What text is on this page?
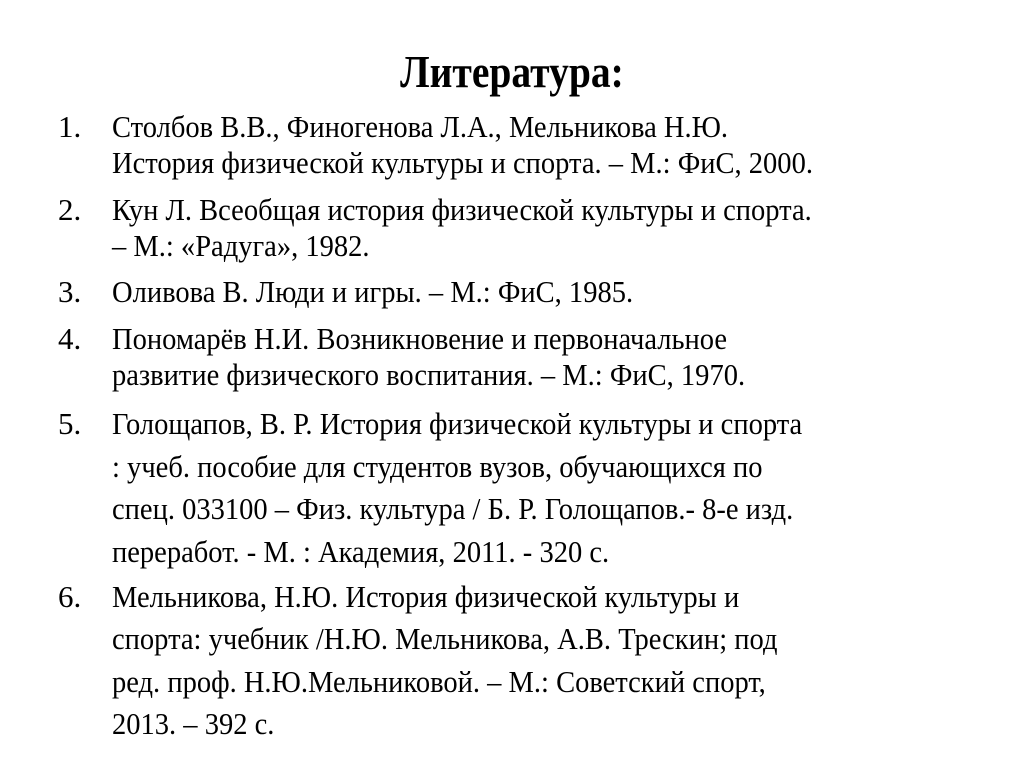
Литература:
1. Столбов В.В., Финогенова Л.А., Мельникова Н.Ю.
История физической культуры и спорта. – М.: ФиС, 2000.
2. Кун Л. Всеобщая история физической культуры и спорта.
– М.: «Радуга», 1982.
3. Оливова В. Люди и игры. – М.: ФиС, 1985.
4. Пономарёв Н.И. Возникновение и первоначальное
развитие физического воспитания. – М.: ФиС, 1970.
5. Голощапов, В. Р. История физической культуры и спорта
: учеб. пособие для студентов вузов, обучающихся по
спец. 033100 – Физ. культура / Б. Р. Голощапов.- 8-е изд.
переработ. - М. : Академия, 2011. - 320 с.
6. Мельникова, Н.Ю. История физической культуры и
спорта: учебник /Н.Ю. Мельникова, А.В. Трескин; под
ред. проф. Н.Ю.Мельниковой. – М.: Советский спорт,
2013. – 392 с.
